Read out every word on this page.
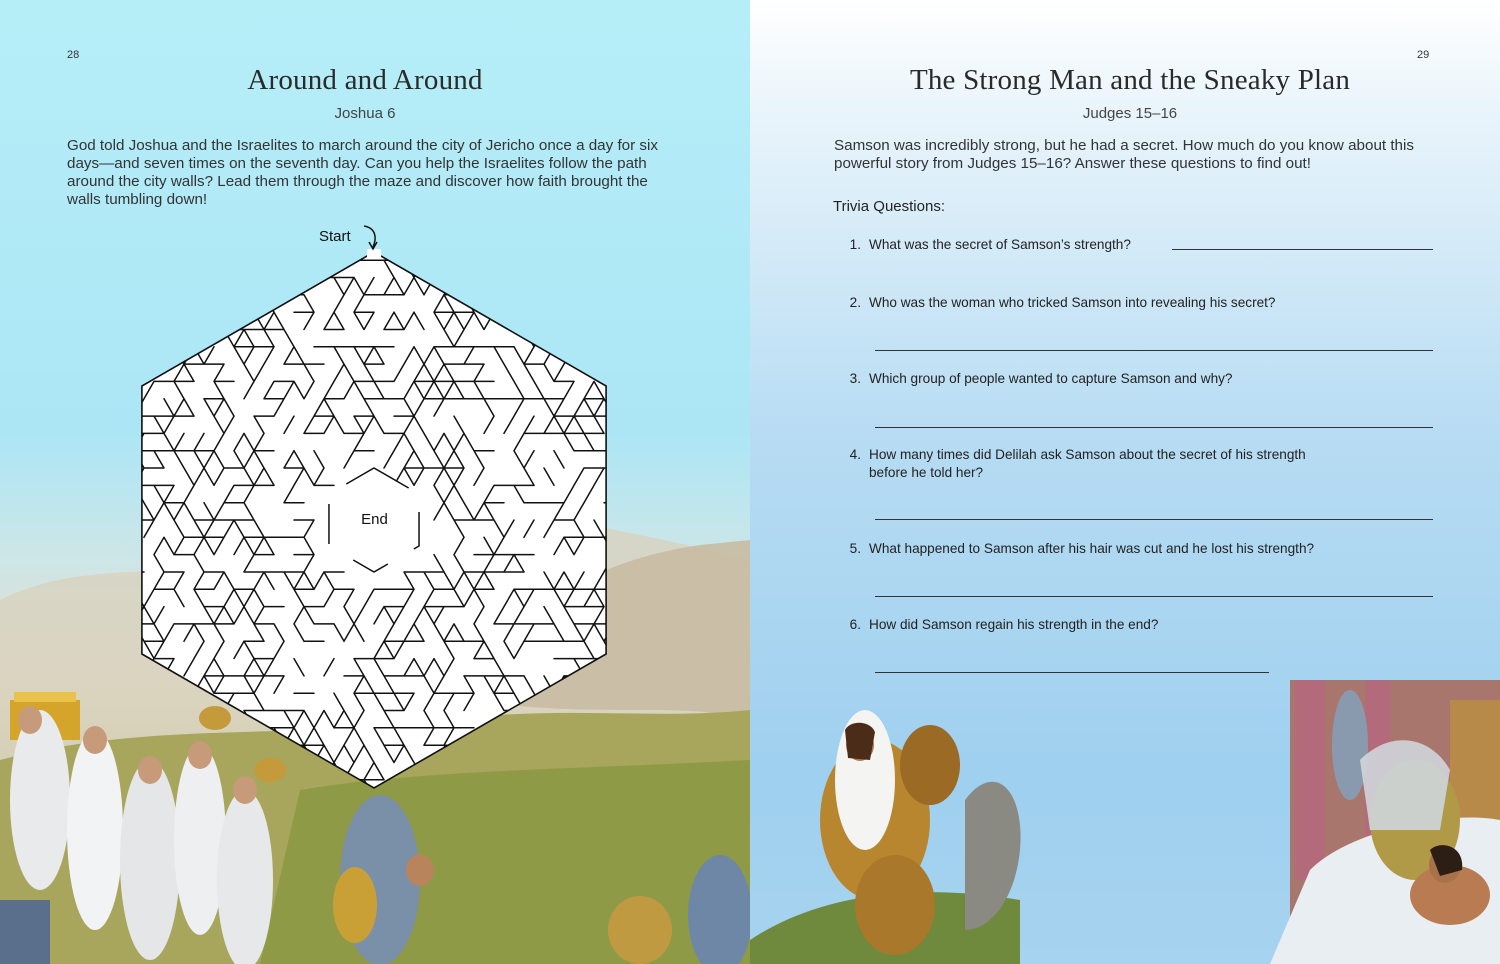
28
Around and Around
Joshua 6

God told Joshua and the Israelites to march around the city of Jericho once a day for six days—and seven times on the seventh day. Can you help the Israelites follow the path around the city walls? Lead them through the maze and discover how faith brought the walls tumbling down!

Start
End
29
The Strong Man and the Sneaky Plan
Judges 15–16

Samson was incredibly strong, but he had a secret. How much do you know about this powerful story from Judges 15–16? Answer these questions to find out!

Trivia Questions:
1. What was the secret of Samson’s strength?
2. Who was the woman who tricked Samson into revealing his secret?
3. Which group of people wanted to capture Samson and why?
4. How many times did Delilah ask Samson about the secret of his strength
before he told her?
5. What happened to Samson after his hair was cut and he lost his strength?
6. How did Samson regain his strength in the end?
